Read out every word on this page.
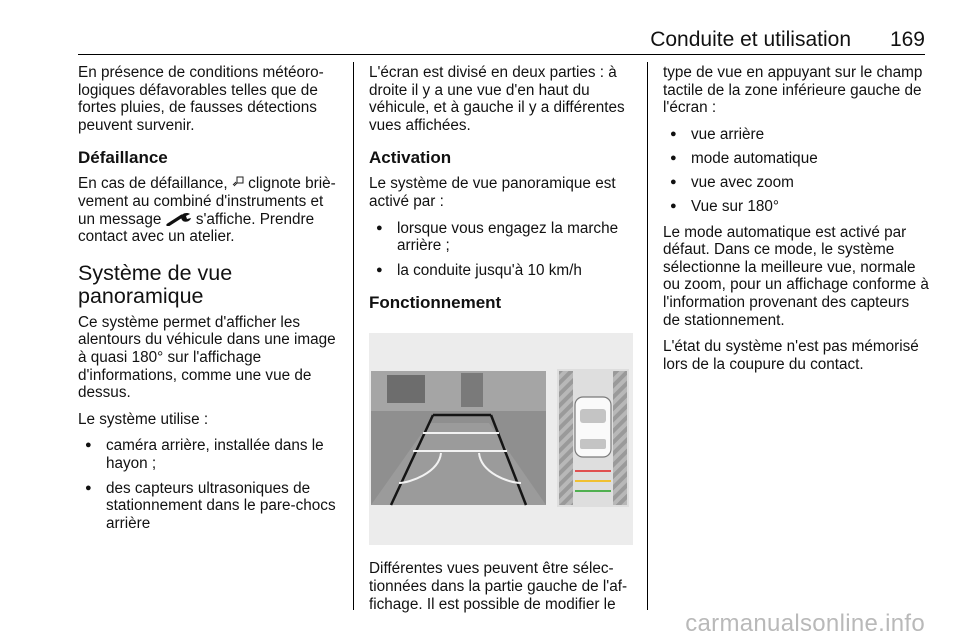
Conduite et utilisation 169

En présence de conditions météoro-logiques défavorables telles que de fortes pluies, de fausses détections peuvent survenir.

Défaillance

En cas de défaillance,  clignote briè-vement au combiné d'instruments et un message  s'affiche. Prendre contact avec un atelier.

Système de vue panoramique

Ce système permet d'afficher les alentours du véhicule dans une image à quasi 180° sur l'affichage d'informations, comme une vue de dessus.

Le système utilise :

● caméra arrière, installée dans le hayon ;
● des capteurs ultrasoniques de stationnement dans le pare-chocs arrière

L'écran est divisé en deux parties : à droite il y a une vue d'en haut du véhicule, et à gauche il y a différentes vues affichées.

Activation

Le système de vue panoramique est activé par :

● lorsque vous engagez la marche arrière ;
● la conduite jusqu'à 10 km/h
Fonctionnement

Différentes vues peuvent être sélec-tionnées dans la partie gauche de l'af-fichage. Il est possible de modifier le

type de vue en appuyant sur le champ tactile de la zone inférieure gauche de l'écran :

● vue arrière
● mode automatique
● vue avec zoom
● Vue sur 180°

Le mode automatique est activé par défaut. Dans ce mode, le système sélectionne la meilleure vue, normale ou zoom, pour un affichage conforme à l'information provenant des capteurs de stationnement.

L'état du système n'est pas mémorisé lors de la coupure du contact.

carmanualsonline.info
